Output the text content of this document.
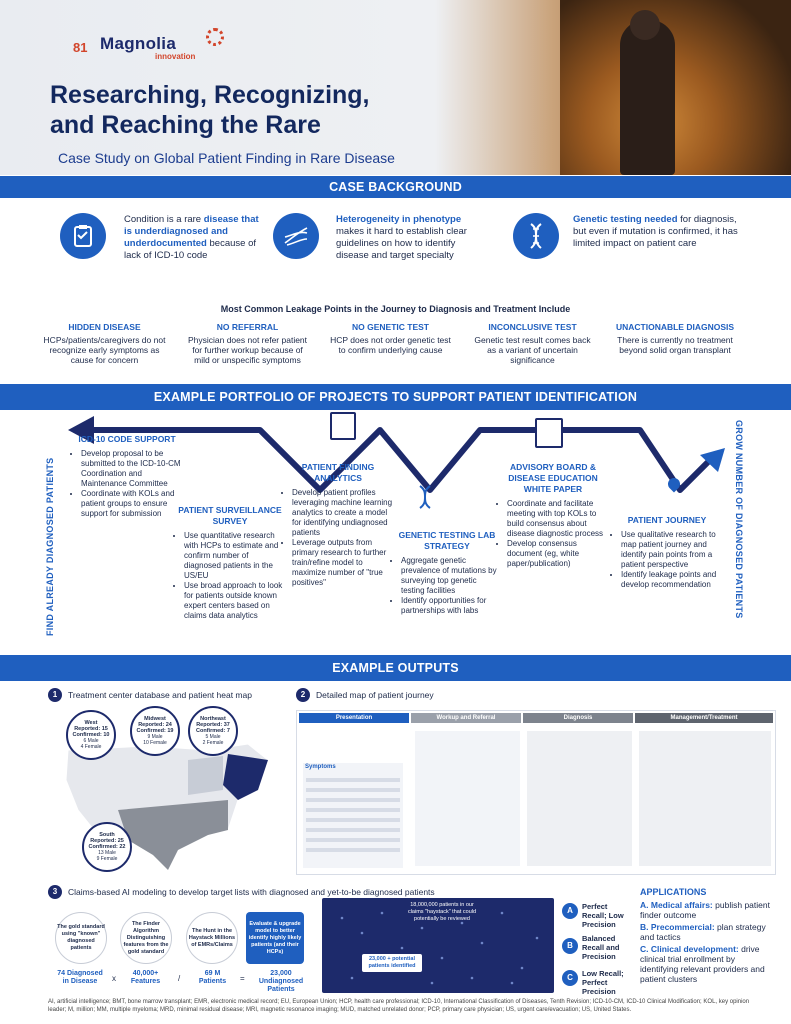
81 Magnolia
innovation
Researching, Recognizing,
and Reaching the Rare
Case Study on Global Patient Finding in Rare Disease
CASE BACKGROUND
Condition is a rare disease that is underdiagnosed and underdocumented because of lack of ICD-10 code
Heterogeneity in phenotype makes it hard to establish clear guidelines on how to identify disease and target specialty
Genetic testing needed for diagnosis, but even if mutation is confirmed, it has limited impact on patient care
Most Common Leakage Points in the Journey to Diagnosis and Treatment Include
HIDDEN DISEASE
HCPs/patients/caregivers do not recognize early symptoms as cause for concern
NO REFERRAL
Physician does not refer patient for further workup because of mild or unspecific symptoms
NO GENETIC TEST
HCP does not order genetic test to confirm underlying cause
INCONCLUSIVE TEST
Genetic test result comes back as a variant of uncertain significance
UNACTIONABLE DIAGNOSIS
There is currently no treatment beyond solid organ transplant
EXAMPLE PORTFOLIO OF PROJECTS TO SUPPORT PATIENT IDENTIFICATION
FIND ALREADY DIAGNOSED PATIENTS	GROW NUMBER OF DIAGNOSED PATIENTS
ICD-10 CODE SUPPORT
• Develop proposal to be submitted to the ICD-10-CM Coordination and Maintenance Committee
• Coordinate with KOLs and patient groups to ensure support for submission	PATIENT SURVEILLANCE SURVEY
• Use quantitative research with HCPs to estimate and confirm number of diagnosed patients in the US/EU
• Use broad approach to look for patients outside known expert centers based on claims data analytics
PATIENT FINDING ANALYTICS
• Develop patient profiles leveraging machine learning analytics to create a model for identifying undiagnosed patients
• Leverage outputs from primary research to further train/refine model to maximize number of "true positives"
GENETIC TESTING LAB STRATEGY
• Aggregate genetic prevalence of mutations by surveying top genetic testing facilities
• Identify opportunities for partnerships with labs
ADVISORY BOARD & DISEASE EDUCATION WHITE PAPER
• Coordinate and facilitate meeting with top KOLs to build consensus about disease diagnostic process
• Develop consensus document (eg, white paper/publication)
PATIENT JOURNEY
• Use qualitative research to map patient journey and identify pain points from a patient perspective
• Identify leakage points and develop recommendation
EXAMPLE OUTPUTS
1	Treatment center database and patient heat map
West
Reported: 15
Confirmed: 10
6 Male
4 Female
Midwest
Reported: 24
Confirmed: 19
9 Male
10 Female
Northeast
Reported: 37
Confirmed: 7
5 Male
2 Female
South
Reported: 25
Confirmed: 22
13 Male
9 Female
2	Detailed map of patient journey
Presentation	Workup and Referral	Diagnosis	Management/Treatment
Symptoms
3	Claims-based AI modeling to develop target lists with diagnosed and yet-to-be diagnosed patients
The gold standard using "known" diagnosed patients
The Finder Algorithm Distinguishing features from the gold standard
The Hunt in the Haystack Millions of EMRs/Claims
Evaluate & upgrade model to better identify highly likely patients (and their HCPs)
74 Diagnosed
in Disease	x
40,000+
Features	/
69 M
Patients	=
23,000
Undiagnosed Patients
18,000,000 patients in our claims "haystack" that could potentially be reviewed
23,000 + potential patients identified
A	Perfect Recall; Low Precision
B
Balanced Recall and Precision
C	Low Recall; Perfect Precision
APPLICATIONS
A. Medical affairs: publish patient finder outcome
B. Precommercial: plan strategy and tactics
C. Clinical development: drive clinical trial enrollment by identifying relevant providers and patient clusters
AI, artificial intelligence; BMT, bone marrow transplant; EMR, electronic medical record; EU, European Union; HCP, health care professional; ICD-10, International Classification of Diseases, Tenth Revision; ICD-10-CM, ICD-10 Clinical Modification; KOL, key opinion leader; M, million; MM, multiple myeloma; MRD, minimal residual disease; MRI, magnetic resonance imaging; MUD, matched unrelated donor; PCP, primary care physician; US, urgent care/evacuation; US, United States.
